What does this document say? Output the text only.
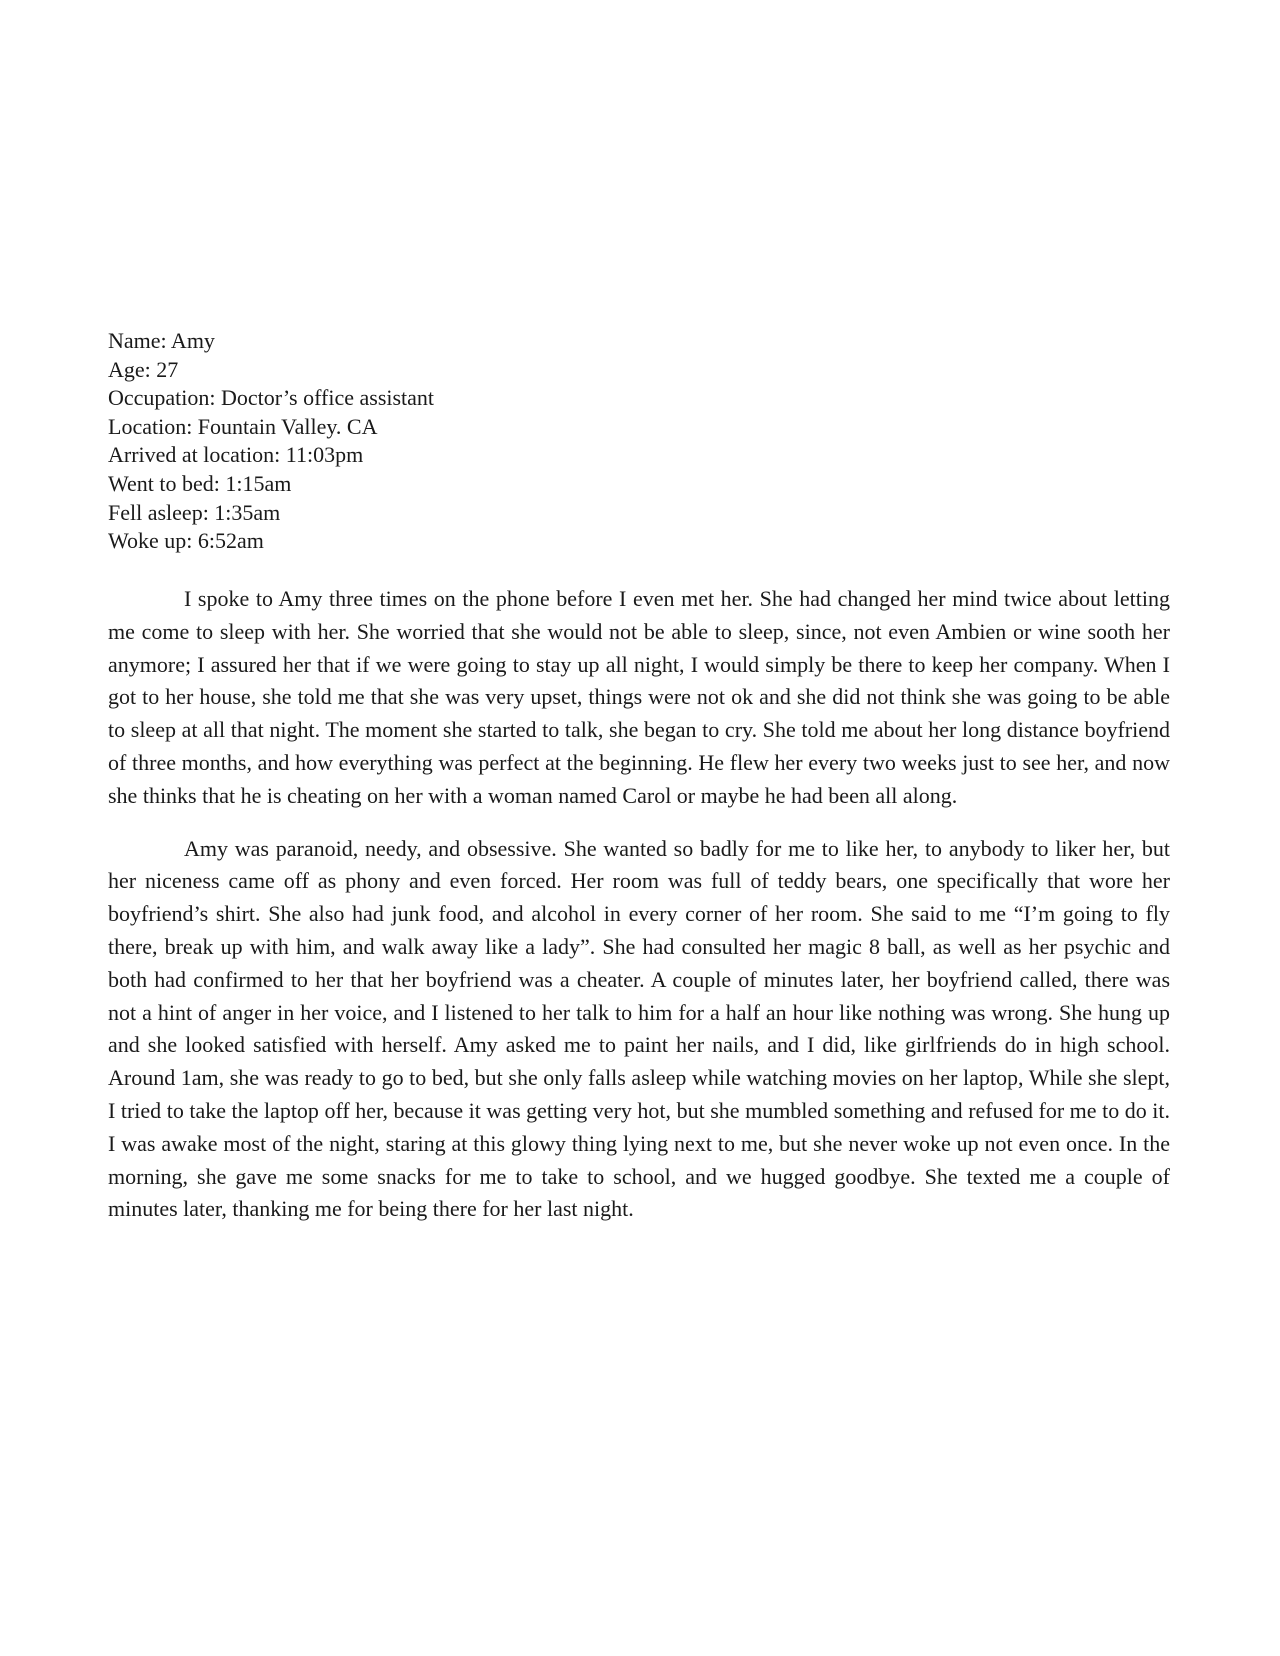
Name: Amy

Age: 27

Occupation: Doctor’s office assistant

Location: Fountain Valley. CA

Arrived at location: 11:03pm

Went to bed: 1:15am

Fell asleep: 1:35am

Woke up: 6:52am

I spoke to Amy three times on the phone before I even met her. She had changed her mind twice about letting me come to sleep with her. She worried that she would not be able to sleep, since, not even Ambien or wine sooth her anymore; I assured her that if we were going to stay up all night, I would simply be there to keep her company. When I got to her house, she told me that she was very upset, things were not ok and she did not think she was going to be able to sleep at all that night. The moment she started to talk, she began to cry. She told me about her long distance boyfriend of three months, and how everything was perfect at the beginning. He flew her every two weeks just to see her, and now she thinks that he is cheating on her with a woman named Carol or maybe he had been all along.

Amy was paranoid, needy, and obsessive. She wanted so badly for me to like her, to anybody to liker her, but her niceness came off as phony and even forced. Her room was full of teddy bears, one specifically that wore her boyfriend’s shirt. She also had junk food, and alcohol in every corner of her room. She said to me “I’m going to fly there, break up with him, and walk away like a lady”. She had consulted her magic 8 ball, as well as her psychic and both had confirmed to her that her boyfriend was a cheater. A couple of minutes later, her boyfriend called, there was not a hint of anger in her voice, and I listened to her talk to him for a half an hour like nothing was wrong. She hung up and she looked satisfied with herself. Amy asked me to paint her nails, and I did, like girlfriends do in high school. Around 1am, she was ready to go to bed, but she only falls asleep while watching movies on her laptop, While she slept, I tried to take the laptop off her, because it was getting very hot, but she mumbled something and refused for me to do it. I was awake most of the night, staring at this glowy thing lying next to me, but she never woke up not even once. In the morning, she gave me some snacks for me to take to school, and we hugged goodbye. She texted me a couple of minutes later, thanking me for being there for her last night.
